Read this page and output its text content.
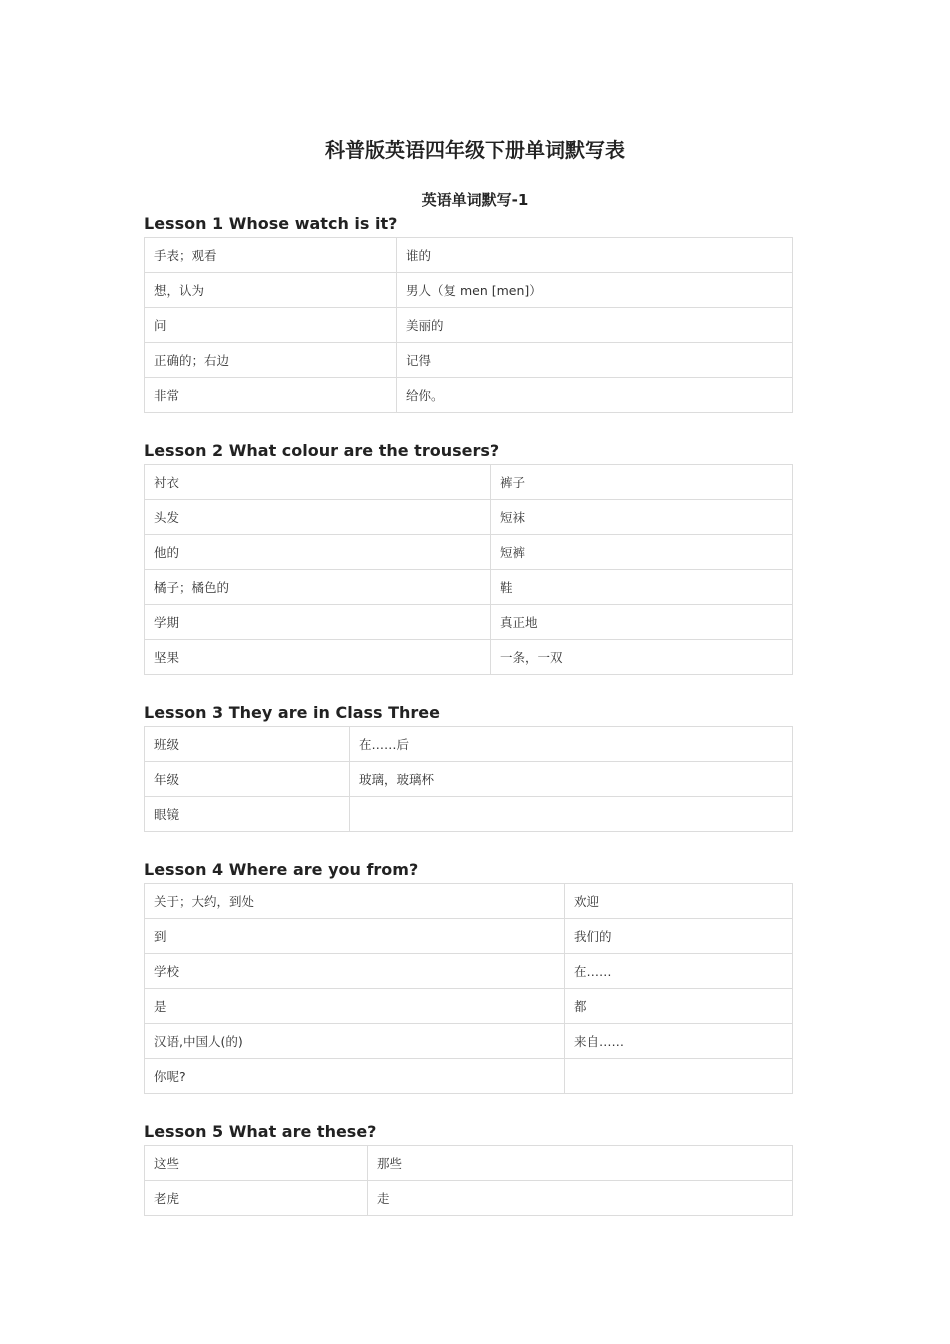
科普版英语四年级下册单词默写表
英语单词默写-1
Lesson 1 Whose watch is it?
手表；观看	谁的
想，认为	男人（复 men [men]）
问	美丽的
正确的；右边	记得
非常	给你。
Lesson 2 What colour are the trousers?
衬衣	裤子
头发	短袜
他的	短裤
橘子；橘色的	鞋
学期	真正地
坚果	一条，一双
Lesson 3 They are in Class Three
班级	在……后
年级	玻璃，玻璃杯
眼镜	
Lesson 4 Where are you from?
关于；大约，到处	欢迎
到	我们的
学校	在……
是	都
汉语,中国人(的)	来自……
你呢?	
Lesson 5 What are these?
这些	那些
老虎	走
